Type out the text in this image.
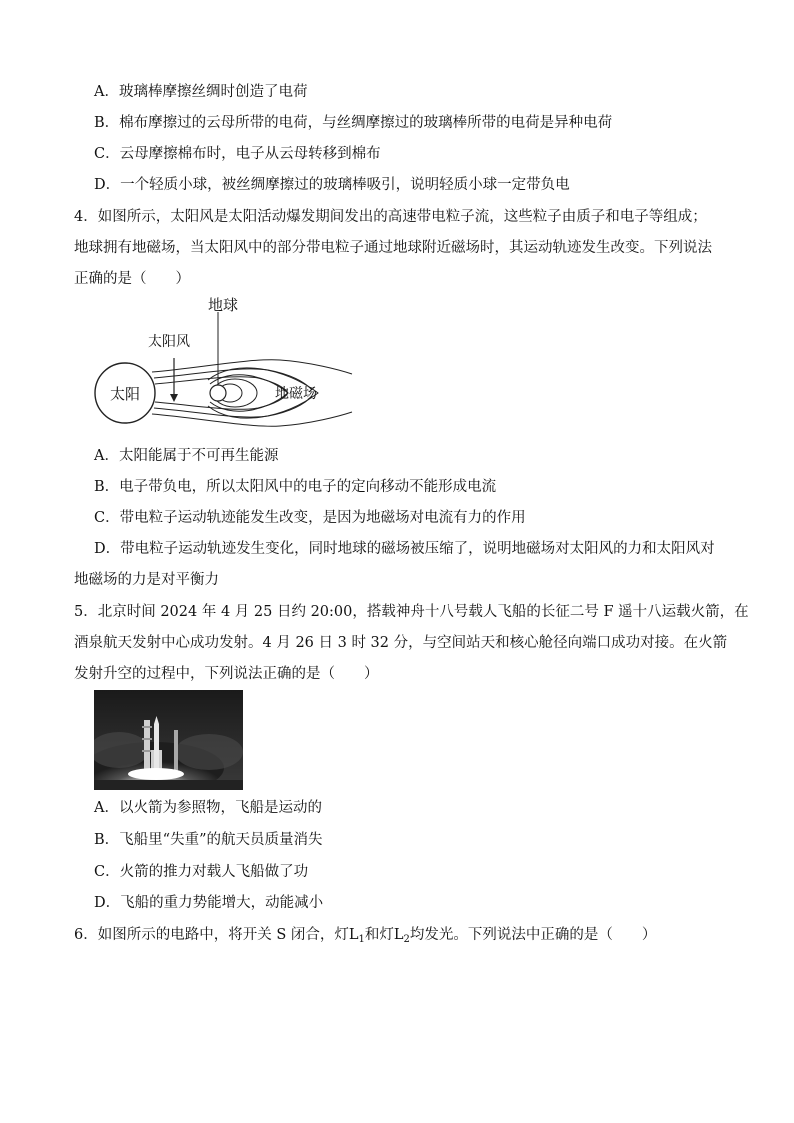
A．玻璃棒摩擦丝绸时创造了电荷
B．棉布摩擦过的云母所带的电荷，与丝绸摩擦过的玻璃棒所带的电荷是异种电荷
C．云母摩擦棉布时，电子从云母转移到棉布
D．一个轻质小球，被丝绸摩擦过的玻璃棒吸引，说明轻质小球一定带负电
4．如图所示，太阳风是太阳活动爆发期间发出的高速带电粒子流，这些粒子由质子和电子等组成；
地球拥有地磁场，当太阳风中的部分带电粒子通过地球附近磁场时，其运动轨迹发生改变。下列说法
正确的是（　　）
太阳
太阳风
地球
地磁场
A．太阳能属于不可再生能源
B．电子带负电，所以太阳风中的电子的定向移动不能形成电流
C．带电粒子运动轨迹能发生改变，是因为地磁场对电流有力的作用
D．带电粒子运动轨迹发生变化，同时地球的磁场被压缩了，说明地磁场对太阳风的力和太阳风对
地磁场的力是对平衡力
5．北京时间 2024 年 4 月 25 日约 20:00，搭载神舟十八号载人飞船的长征二号 F 遥十八运载火箭，在
酒泉航天发射中心成功发射。4 月 26 日 3 时 32 分，与空间站天和核心舱径向端口成功对接。在火箭
发射升空的过程中，下列说法正确的是（　　）
A．以火箭为参照物，飞船是运动的
B．飞船里“失重”的航天员质量消失
C．火箭的推力对载人飞船做了功
D．飞船的重力势能增大，动能减小
6．如图所示的电路中，将开关 S 闭合，灯$L_1$和灯$L_2$均发光。下列说法中正确的是（　　）
